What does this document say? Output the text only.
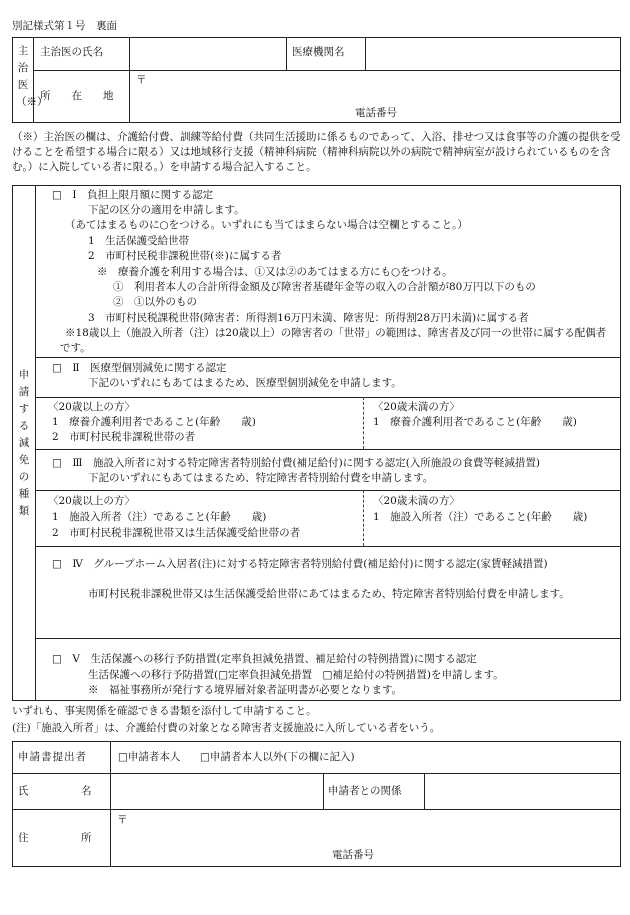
別記様式第１号　裏面
主治医（※）
主治医の氏名	医療機関名
所　　在　　地
〒
電話番号
（※）主治医の欄は、介護給付費、訓練等給付費（共同生活援助に係るものであって、入浴、排せつ又は食事等の介護の提供を受けることを希望する場合に限る）又は地域移行支援（精神科病院（精神科病院以外の病院で精神病室が設けられているものを含む。）に入院している者に限る。）を申請する場合記入すること。
申請する減免の種類
□　Ⅰ　負担上限月額に関する認定
下記の区分の適用を申請します。
（あてはまるものに○をつける。いずれにも当てはまらない場合は空欄とすること。）
1　生活保護受給世帯
2　市町村民税非課税世帯(※)に属する者
※　療養介護を利用する場合は、①又は②のあてはまる方にも○をつける。
①　利用者本人の合計所得金額及び障害者基礎年金等の収入の合計額が80万円以下のもの
②　①以外のもの
3　市町村民税課税世帯(障害者：所得割16万円未満、障害児：所得割28万円未満)に属する者
※18歳以上（施設入所者（注）は20歳以上）の障害者の「世帯」の範囲は、障害者及び同一の世帯に属する配偶者です。
□　Ⅱ　医療型個別減免に関する認定
下記のいずれにもあてはまるため、医療型個別減免を申請します。
〈20歳以上の方〉
1　療養介護利用者であること(年齢　　歳)
2　市町村民税非課税世帯の者
〈20歳未満の方〉
1　療養介護利用者であること(年齢　　歳)
□　Ⅲ　施設入所者に対する特定障害者特別給付費(補足給付)に関する認定(入所施設の食費等軽減措置)
下記のいずれにもあてはまるため、特定障害者特別給付費を申請します。
〈20歳以上の方〉
1　施設入所者（注）であること(年齢　　歳)
2　市町村民税非課税世帯又は生活保護受給世帯の者
〈20歳未満の方〉
1　施設入所者（注）であること(年齢　　歳)
□　Ⅳ　グループホーム入居者(注)に対する特定障害者特別給付費(補足給付)に関する認定(家賃軽減措置)
市町村民税非課税世帯又は生活保護受給世帯にあてはまるため、特定障害者特別給付費を申請します。
□　Ⅴ　生活保護への移行予防措置(定率負担減免措置、補足給付の特例措置)に関する認定
生活保護への移行予防措置(□定率負担減免措置　□補足給付の特例措置)を申請します。
※　福祉事務所が発行する境界層対象者証明書が必要となります。
いずれも、事実関係を確認できる書類を添付して申請すること。
(注)「施設入所者」は、介護給付費の対象となる障害者支援施設に入所している者をいう。
申請書提出者	□申請者本人 □申請者本人以外(下の欄に記入)
氏　　　　　名	申請者との関係
住　　　　　所
〒
電話番号
